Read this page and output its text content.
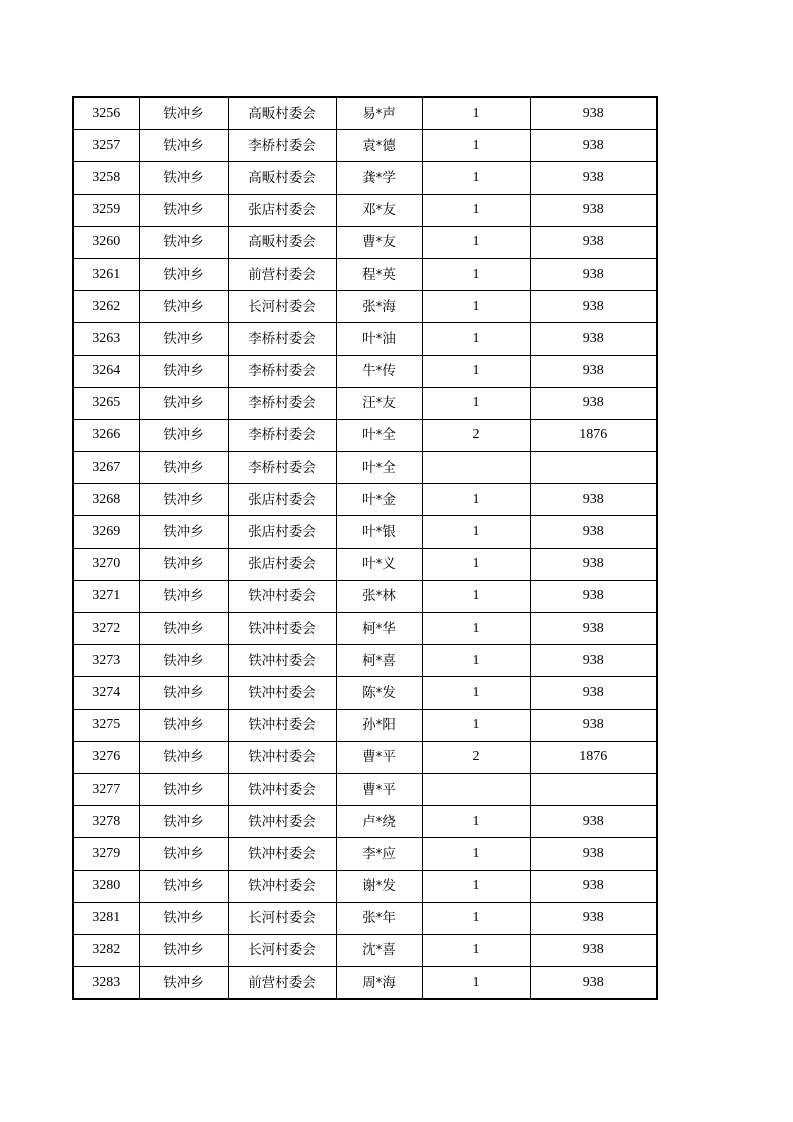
3256	铁冲乡	高畈村委会	易*声	1	938
3257	铁冲乡	李桥村委会	袁*德	1	938
3258	铁冲乡	高畈村委会	龚*学	1	938
3259	铁冲乡	张店村委会	邓*友	1	938
3260	铁冲乡	高畈村委会	曹*友	1	938
3261	铁冲乡	前营村委会	程*英	1	938
3262	铁冲乡	长河村委会	张*海	1	938
3263	铁冲乡	李桥村委会	叶*油	1	938
3264	铁冲乡	李桥村委会	牛*传	1	938
3265	铁冲乡	李桥村委会	汪*友	1	938
3266	铁冲乡	李桥村委会	叶*全	2	1876
3267	铁冲乡	李桥村委会	叶*全		
3268	铁冲乡	张店村委会	叶*金	1	938
3269	铁冲乡	张店村委会	叶*银	1	938
3270	铁冲乡	张店村委会	叶*义	1	938
3271	铁冲乡	铁冲村委会	张*林	1	938
3272	铁冲乡	铁冲村委会	柯*华	1	938
3273	铁冲乡	铁冲村委会	柯*喜	1	938
3274	铁冲乡	铁冲村委会	陈*发	1	938
3275	铁冲乡	铁冲村委会	孙*阳	1	938
3276	铁冲乡	铁冲村委会	曹*平	2	1876
3277	铁冲乡	铁冲村委会	曹*平		
3278	铁冲乡	铁冲村委会	卢*绕	1	938
3279	铁冲乡	铁冲村委会	李*应	1	938
3280	铁冲乡	铁冲村委会	谢*发	1	938
3281	铁冲乡	长河村委会	张*年	1	938
3282	铁冲乡	长河村委会	沈*喜	1	938
3283	铁冲乡	前营村委会	周*海	1	938
